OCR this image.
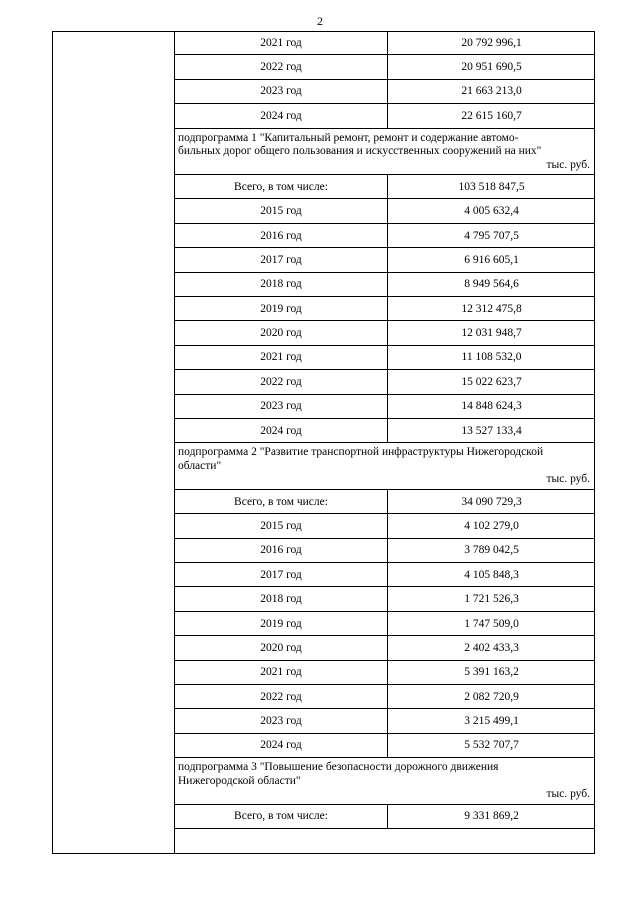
2
2021 год	20 792 996,1
2022 год	20 951 690,5
2023 год	21 663 213,0
2024 год	22 615 160,7
подпрограмма 1 "Капитальный ремонт, ремонт и содержание автомо-
бильных дорог общего пользования и искусственных сооружений на них"
тыс. руб.
Всего, в том числе:	103 518 847,5
2015 год	4 005 632,4
2016 год	4 795 707,5
2017 год	6 916 605,1
2018 год	8 949 564,6
2019 год	12 312 475,8
2020 год	12 031 948,7
2021 год	11 108 532,0
2022 год	15 022 623,7
2023 год	14 848 624,3
2024 год	13 527 133,4
подпрограмма 2 "Развитие транспортной инфраструктуры Нижегородской
области"
тыс. руб.
Всего, в том числе:	34 090 729,3
2015 год	4 102 279,0
2016 год	3 789 042,5
2017 год	4 105 848,3
2018 год	1 721 526,3
2019 год	1 747 509,0
2020 год	2 402 433,3
2021 год	5 391 163,2
2022 год	2 082 720,9
2023 год	3 215 499,1
2024 год	5 532 707,7
подпрограмма 3 "Повышение безопасности дорожного движения
Нижегородской области"
тыс. руб.
Всего, в том числе:	9 331 869,2
